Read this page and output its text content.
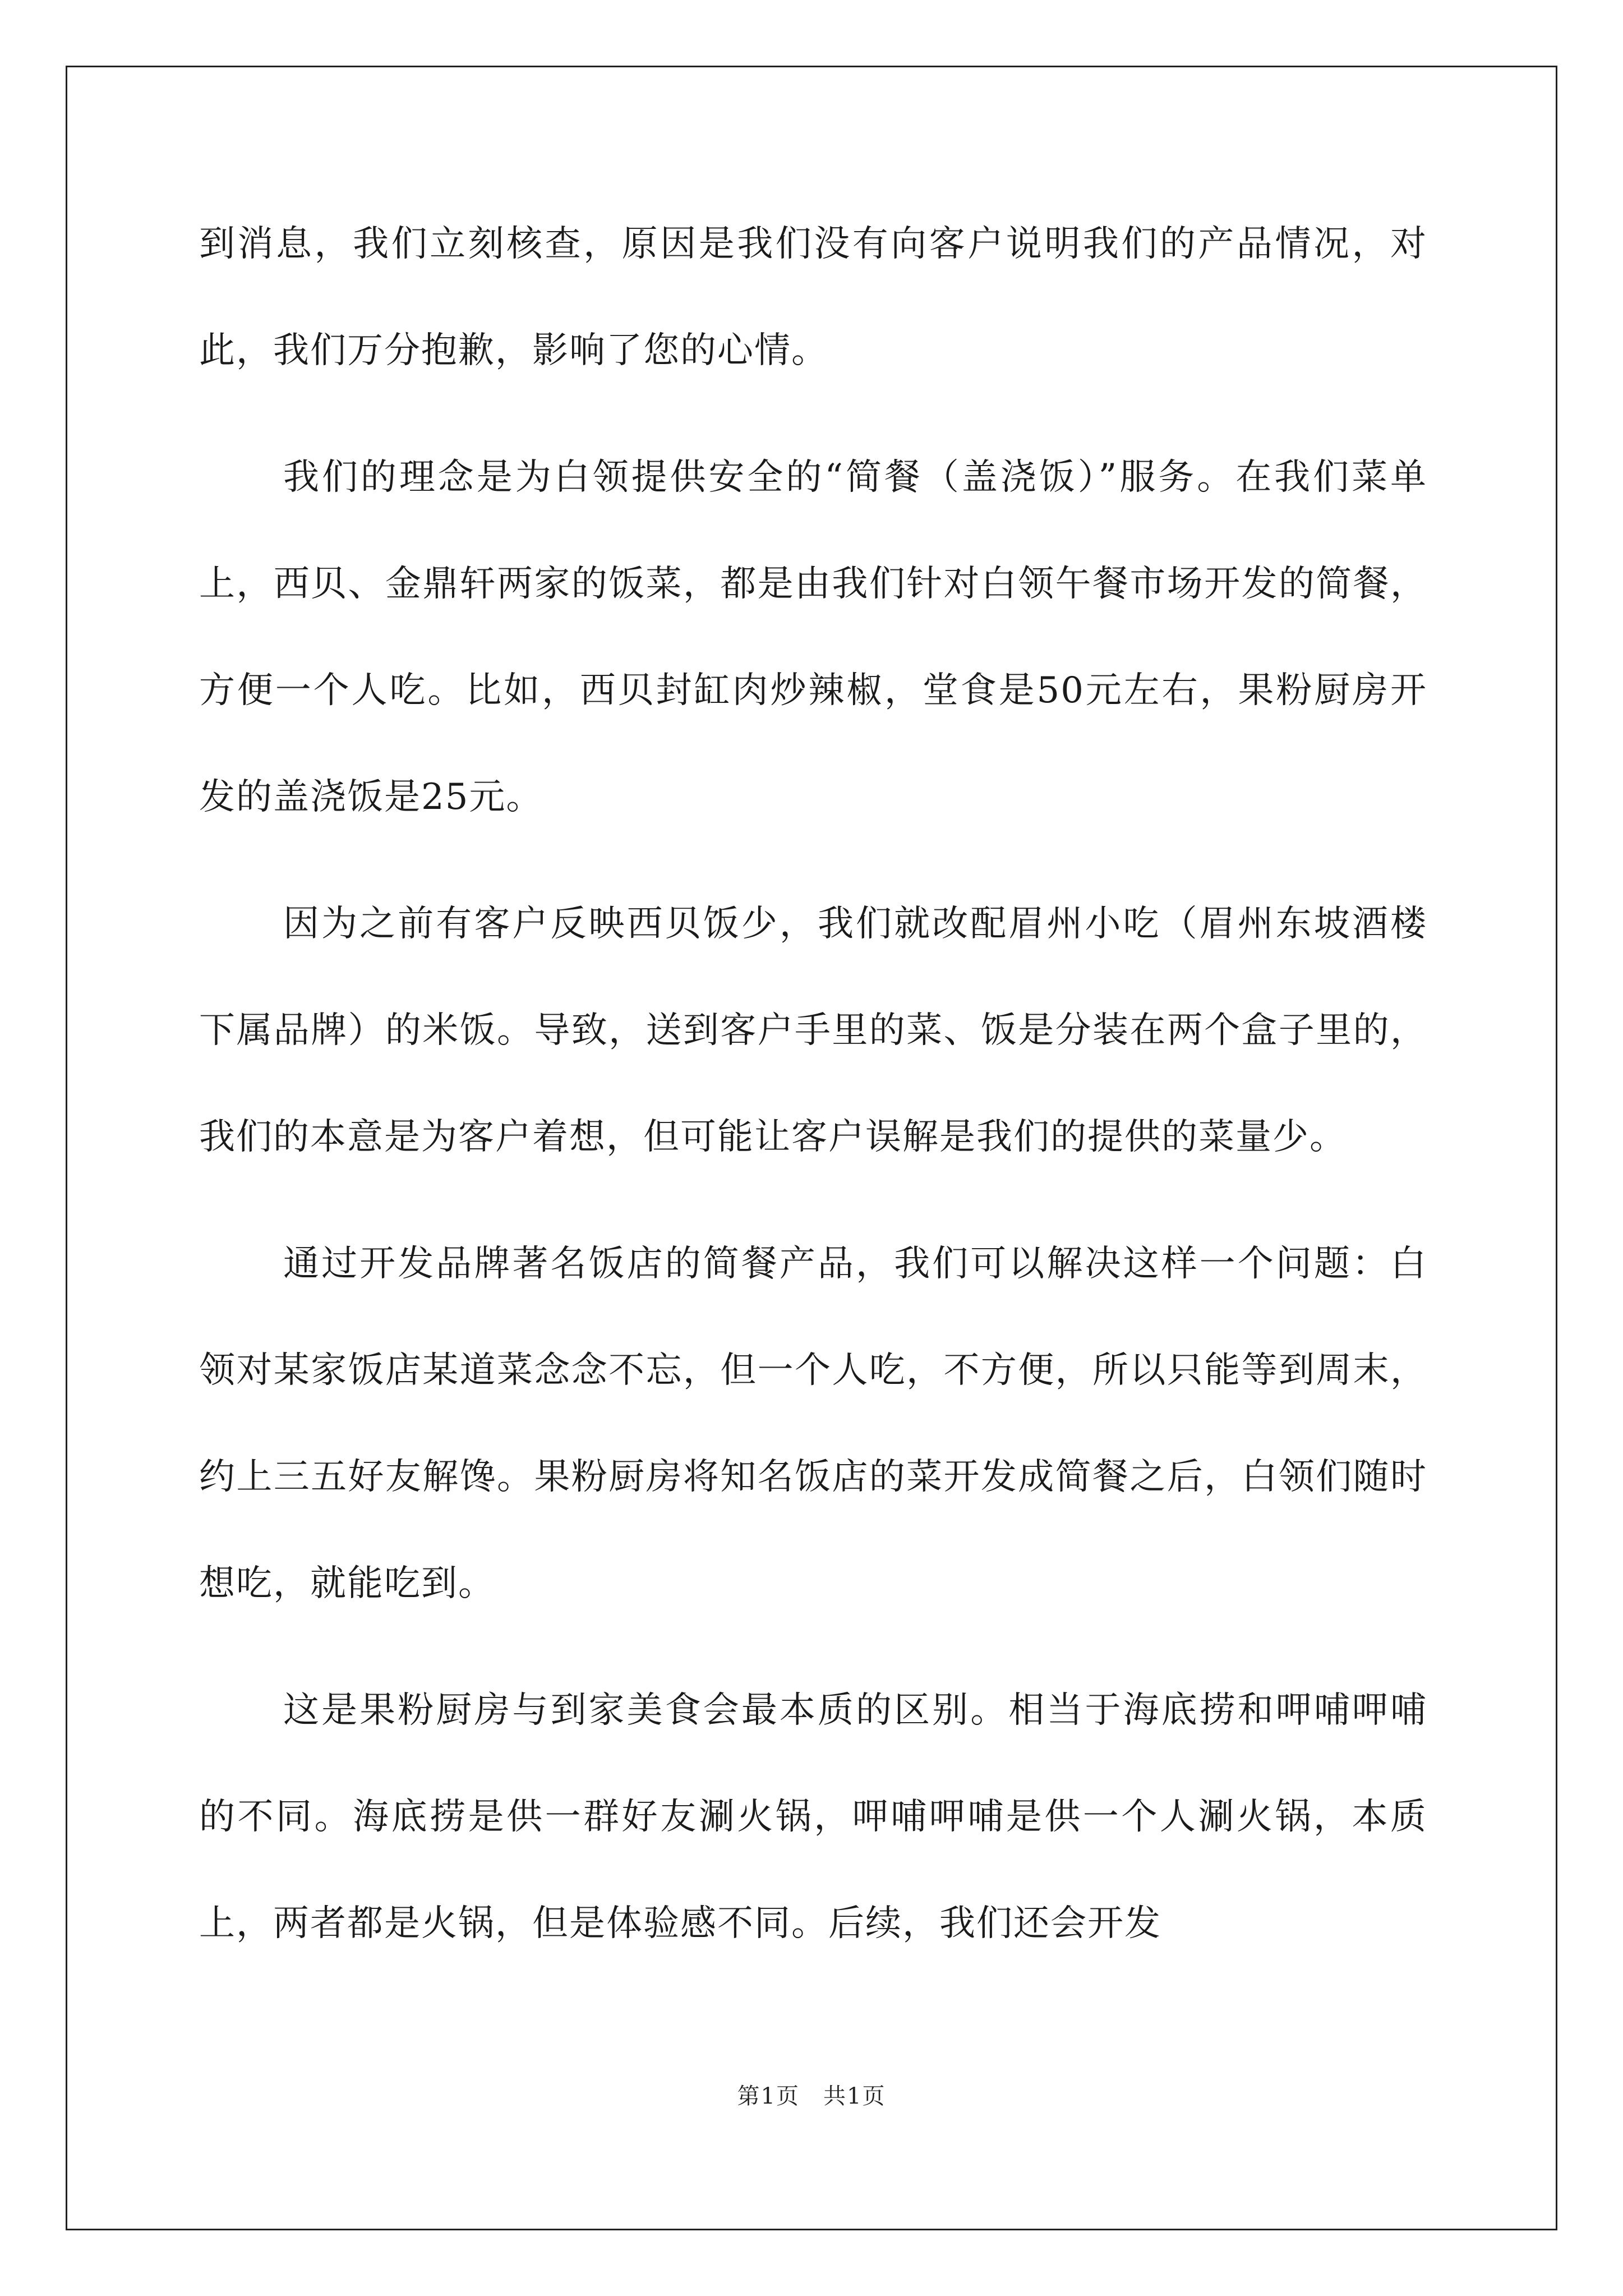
到消息，我们立刻核查，原因是我们没有向客户说明我们的产品情况，对此，我们万分抱歉，影响了您的心情。

我们的理念是为白领提供安全的“简餐（盖浇饭）”服务。在我们菜单上，西贝、金鼎轩两家的饭菜，都是由我们针对白领午餐市场开发的简餐，方便一个人吃。比如，西贝封缸肉炒辣椒，堂食是50元左右，果粉厨房开发的盖浇饭是25元。

因为之前有客户反映西贝饭少，我们就改配眉州小吃（眉州东坡酒楼下属品牌）的米饭。导致，送到客户手里的菜、饭是分装在两个盒子里的，我们的本意是为客户着想，但可能让客户误解是我们的提供的菜量少。

通过开发品牌著名饭店的简餐产品，我们可以解决这样一个问题：白领对某家饭店某道菜念念不忘，但一个人吃，不方便，所以只能等到周末，约上三五好友解馋。果粉厨房将知名饭店的菜开发成简餐之后，白领们随时想吃，就能吃到。

这是果粉厨房与到家美食会最本质的区别。相当于海底捞和呷哺呷哺的不同。海底捞是供一群好友涮火锅，呷哺呷哺是供一个人涮火锅，本质上，两者都是火锅，但是体验感不同。后续，我们还会开发

第1页　共1页
